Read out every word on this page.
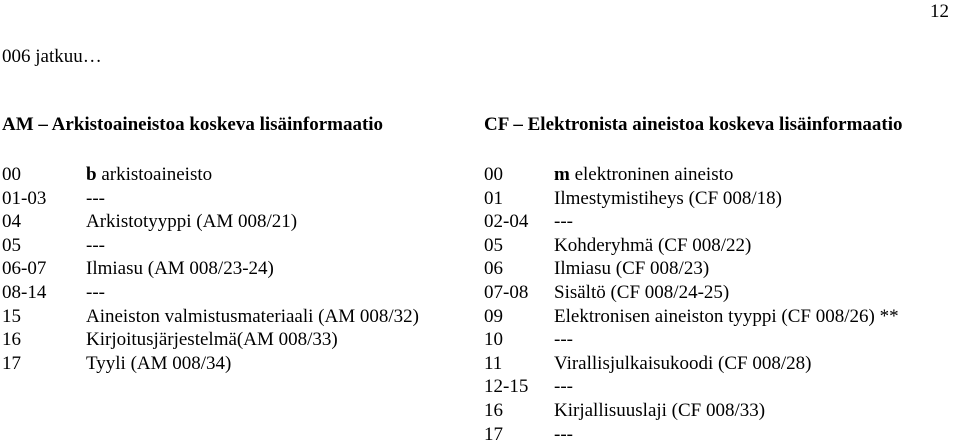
12
006 jatkuu…
AM – Arkistoaineistoa koskeva lisäinformaatio
00	b arkistoaineisto
01-03 ---
04	Arkistotyyppi (AM 008/21)
05	---
06-07 Ilmiasu (AM 008/23-24)
08-14 ---
15	Aineiston valmistusmateriaali (AM 008/32)
16	Kirjoitusjärjestelmä(AM 008/33)
17	Tyyli (AM 008/34)
CF – Elektronista aineistoa koskeva lisäinformaatio
00	m elektroninen aineisto
01	Ilmestymistiheys (CF 008/18)
02-04 ---
05	Kohderyhmä (CF 008/22)
06	Ilmiasu (CF 008/23)
07-08 Sisältö (CF 008/24-25)
09	Elektronisen aineiston tyyppi (CF 008/26) **
10	---
11	Virallisjulkaisukoodi (CF 008/28)
12-15 ---
16	Kirjallisuuslaji (CF 008/33)
17	---
